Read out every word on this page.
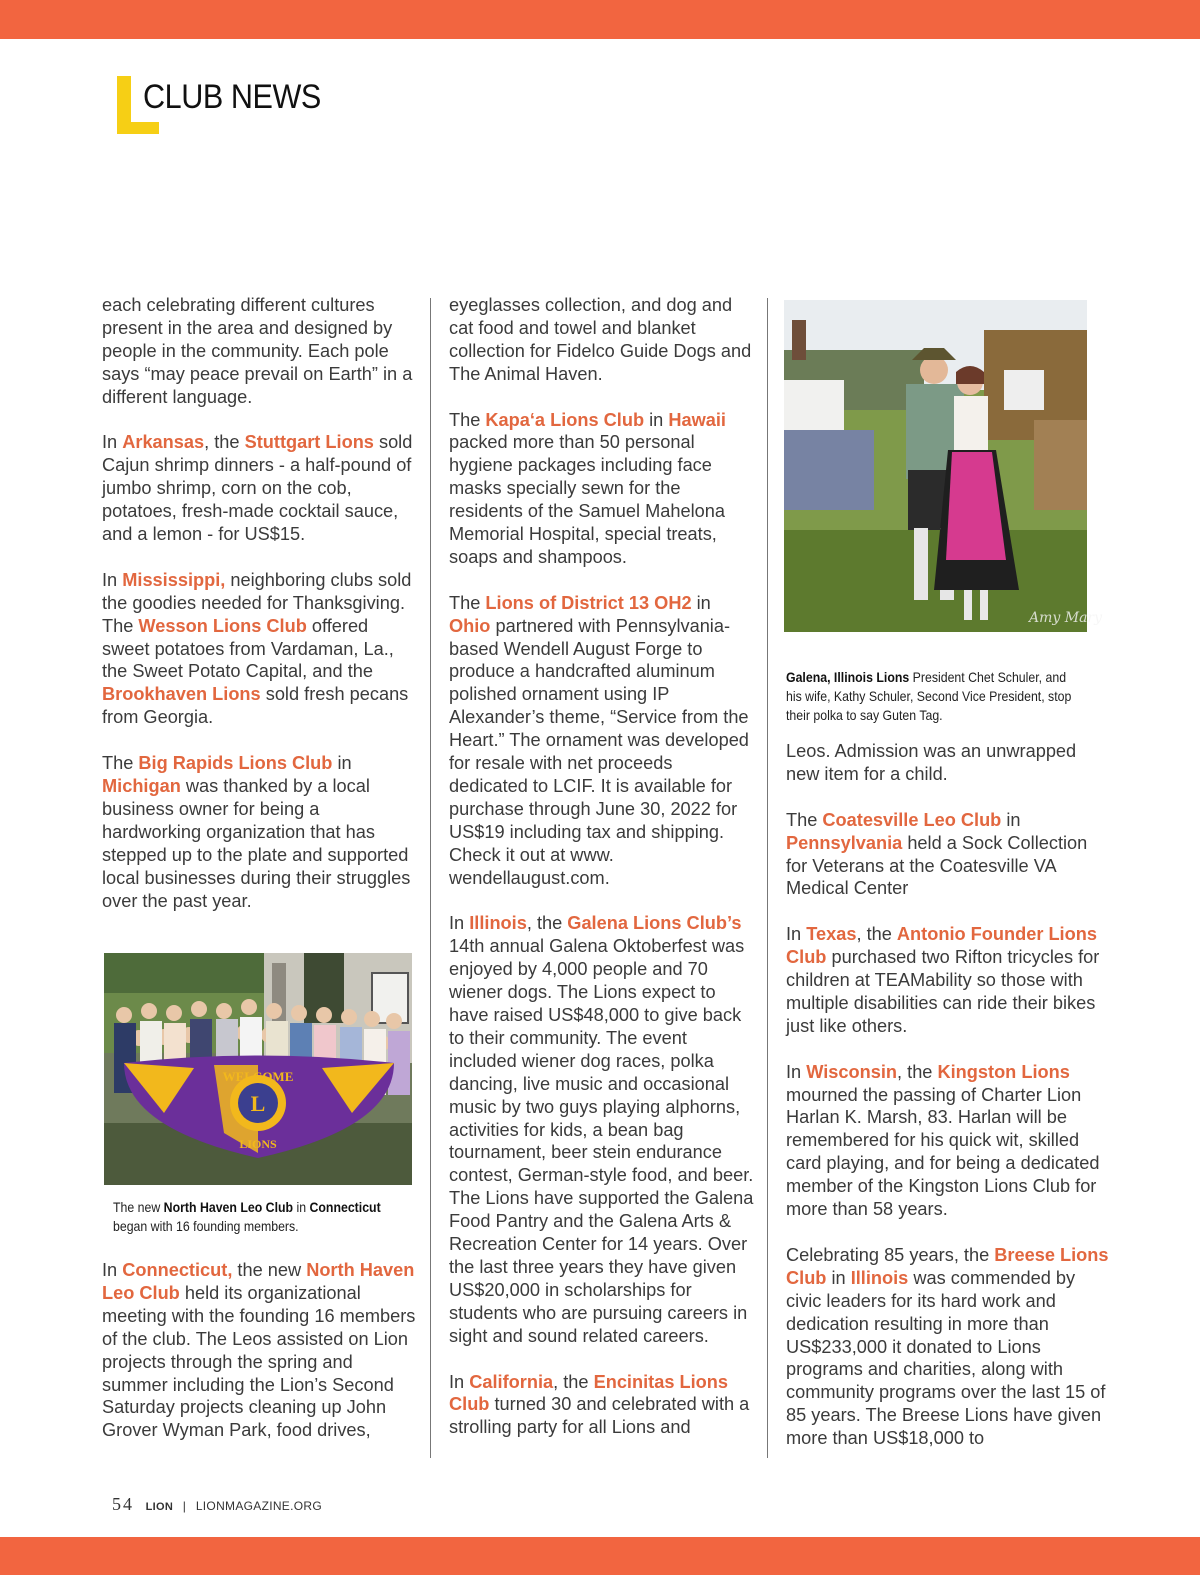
CLUB NEWS

each celebrating different cultures present in the area and designed by people in the community. Each pole says “may peace prevail on Earth” in a different language.

In Arkansas, the Stuttgart Lions sold Cajun shrimp dinners - a half-pound of jumbo shrimp, corn on the cob, potatoes, fresh-made cocktail sauce, and a lemon - for US$15.

In Mississippi, neighboring clubs sold the goodies needed for Thanksgiving. The Wesson Lions Club offered sweet potatoes from Vardaman, La., the Sweet Potato Capital, and the Brookhaven Lions sold fresh pecans from Georgia.

The Big Rapids Lions Club in Michigan was thanked by a local business owner for being a hardworking organization that has stepped up to the plate and supported local businesses during their struggles over the past year.

L
WELCOME
LIONS
The new North Haven Leo Club in Connecticut began with 16 founding members.

In Connecticut, the new North Haven Leo Club held its organizational meeting with the founding 16 members of the club. The Leos assisted on Lion projects through the spring and summer including the Lion’s Second Saturday projects cleaning up John Grover Wyman Park, food drives,

eyeglasses collection, and dog and cat food and towel and blanket collection for Fidelco Guide Dogs and The Animal Haven.

The Kapa‘a Lions Club in Hawaii packed more than 50 personal hygiene packages including face masks specially sewn for the residents of the Samuel Mahelona Memorial Hospital, special treats, soaps and shampoos.

The Lions of District 13 OH2 in Ohio partnered with Pennsylvania-based Wendell August Forge to produce a handcrafted aluminum polished ornament using IP Alexander’s theme, “Service from the Heart.” The ornament was developed for resale with net proceeds dedicated to LCIF. It is available for purchase through June 30, 2022 for US$19 including tax and shipping. Check it out at www. wendellaugust.com.

In Illinois, the Galena Lions Club’s 14th annual Galena Oktoberfest was enjoyed by 4,000 people and 70 wiener dogs. The Lions expect to have raised US$48,000 to give back to their community. The event included wiener dog races, polka dancing, live music and occasional music by two guys playing alphorns, activities for kids, a bean bag tournament, beer stein endurance contest, German-style food, and beer. The Lions have supported the Galena Food Pantry and the Galena Arts & Recreation Center for 14 years. Over the last three years they have given US$20,000 in scholarships for students who are pursuing careers in sight and sound related careers.

In California, the Encinitas Lions Club turned 30 and celebrated with a strolling party for all Lions and

Amy Mary
Galena, Illinois Lions President Chet Schuler, and his wife, Kathy Schuler, Second Vice President, stop their polka to say Guten Tag.

Leos. Admission was an unwrapped new item for a child.

The Coatesville Leo Club in Pennsylvania held a Sock Collection for Veterans at the Coatesville VA Medical Center

In Texas, the Antonio Founder Lions Club purchased two Rifton tricycles for children at TEAMability so those with multiple disabilities can ride their bikes just like others.

In Wisconsin, the Kingston Lions mourned the passing of Charter Lion Harlan K. Marsh, 83. Harlan will be remembered for his quick wit, skilled card playing, and for being a dedicated member of the Kingston Lions Club for more than 58 years.

Celebrating 85 years, the Breese Lions Club in Illinois was commended by civic leaders for its hard work and dedication resulting in more than US$233,000 it donated to Lions programs and charities, along with community programs over the last 15 of 85 years. The Breese Lions have given more than US$18,000 to

54 LION | LIONMAGAZINE.ORG
